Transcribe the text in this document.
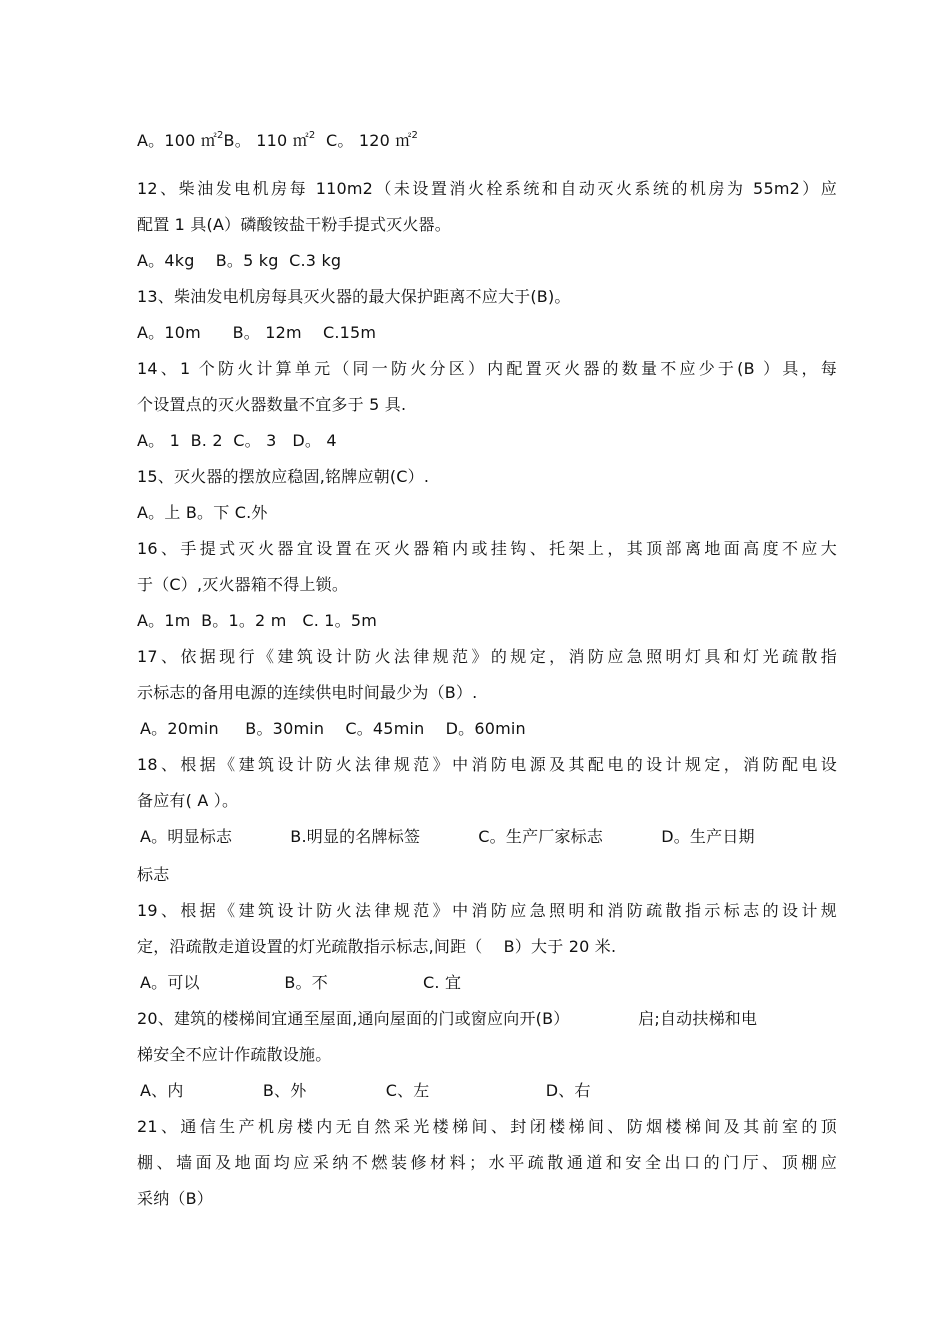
A。100 ㎡$^2$B。 110 ㎡$^2$  C。 120 ㎡$^2$
12、柴油发电机房每 110m2（未设置消火栓系统和自动灭火系统的机房为 55m2）应
配置 1 具(A）磷酸铵盐干粉手提式灭火器。
A。4kg    B。5 kg  C.3 kg
13、柴油发电机房每具灭火器的最大保护距离不应大于(B)。
A。10m      B。 12m    C.15m
14、1 个防火计算单元（同一防火分区）内配置灭火器的数量不应少于(B ）具，每
个设置点的灭火器数量不宜多于 5 具.
A。 1  B. 2  C。 3   D。 4
15、灭火器的摆放应稳固,铭牌应朝(C）.
A。上 B。下 C.外
16、手提式灭火器宜设置在灭火器箱内或挂钩、托架上，其顶部离地面高度不应大
于（C）,灭火器箱不得上锁。
A。1m  B。1。2 m   C. 1。5m
17、依据现行《建筑设计防火法律规范》的规定，消防应急照明灯具和灯光疏散指
示标志的备用电源的连续供电时间最少为（B）.
A。20min     B。30min    C。45min    D。60min
18、根据《建筑设计防火法律规范》中消防电源及其配电的设计规定，消防配电设
备应有( A ）。
A。明显标志           B.明显的名牌标签           C。生产厂家标志           D。生产日期
标志
19、根据《建筑设计防火法律规范》中消防应急照明和消防疏散指示标志的设计规
定，沿疏散走道设置的灯光疏散指示标志,间距（    B）大于 20 米.
A。可以                B。不                  C. 宜
20、建筑的楼梯间宜通至屋面,通向屋面的门或窗应向开(B）             启;自动扶梯和电
梯安全不应计作疏散设施。
A、内               B、外               C、左                      D、右
21、通信生产机房楼内无自然采光楼梯间、封闭楼梯间、防烟楼梯间及其前室的顶
棚、墙面及地面均应采纳不燃装修材料；水平疏散通道和安全出口的门厅、顶棚应
采纳（B）
